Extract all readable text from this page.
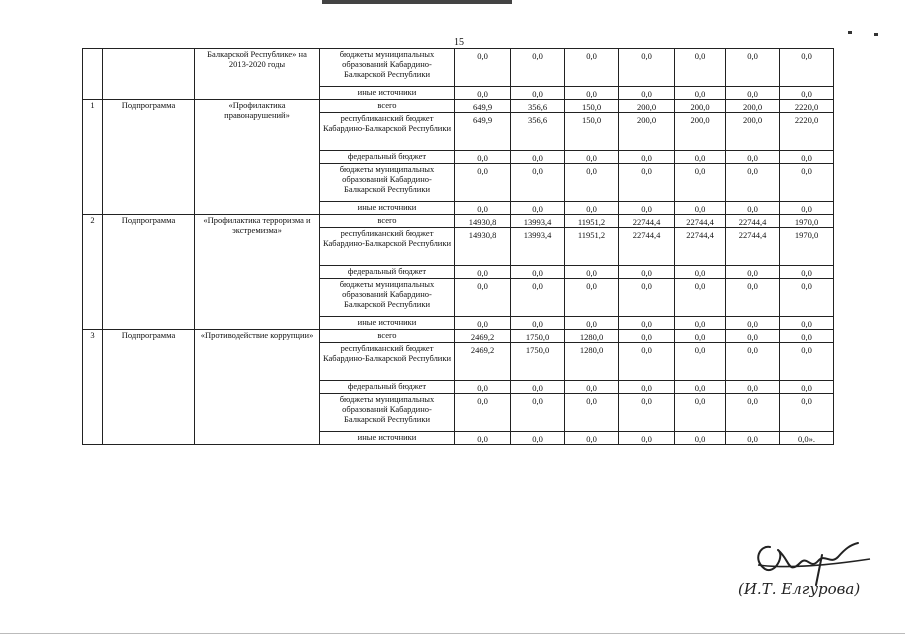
15
		Балкарской Республике» на 2013-2020 годы	бюджеты муниципальных образований Кабардино-Балкарской Республики	0,0	0,0	0,0	0,0	0,0	0,0	0,0
			иные источники	0,0	0,0	0,0	0,0	0,0	0,0	0,0
1	Подпрограмма	«Профилактика правонарушений»	всего	649,9	356,6	150,0	200,0	200,0	200,0	2220,0
			республиканский бюджет Кабардино-Балкарской Республики	649,9	356,6	150,0	200,0	200,0	200,0	2220,0
			федеральный бюджет	0,0	0,0	0,0	0,0	0,0	0,0	0,0
			бюджеты муниципальных образований Кабардино-Балкарской Республики	0,0	0,0	0,0	0,0	0,0	0,0	0,0
			иные источники	0,0	0,0	0,0	0,0	0,0	0,0	0,0
2	Подпрограмма	«Профилактика терроризма и экстремизма»	всего	14930,8	13993,4	11951,2	22744,4	22744,4	22744,4	1970,0
			республиканский бюджет Кабардино-Балкарской Республики	14930,8	13993,4	11951,2	22744,4	22744,4	22744,4	1970,0
			федеральный бюджет	0,0	0,0	0,0	0,0	0,0	0,0	0,0
			бюджеты муниципальных образований Кабардино-Балкарской Республики	0,0	0,0	0,0	0,0	0,0	0,0	0,0
			иные источники	0,0	0,0	0,0	0,0	0,0	0,0	0,0
3	Подпрограмма	«Противодействие коррупции»	всего	2469,2	1750,0	1280,0	0,0	0,0	0,0	0,0
			республиканский бюджет Кабардино-Балкарской Республики	2469,2	1750,0	1280,0	0,0	0,0	0,0	0,0
			федеральный бюджет	0,0	0,0	0,0	0,0	0,0	0,0	0,0
			бюджеты муниципальных образований Кабардино-Балкарской Республики	0,0	0,0	0,0	0,0	0,0	0,0	0,0
			иные источники	0,0	0,0	0,0	0,0	0,0	0,0	0,0».
(И.Т. Елгурова)
